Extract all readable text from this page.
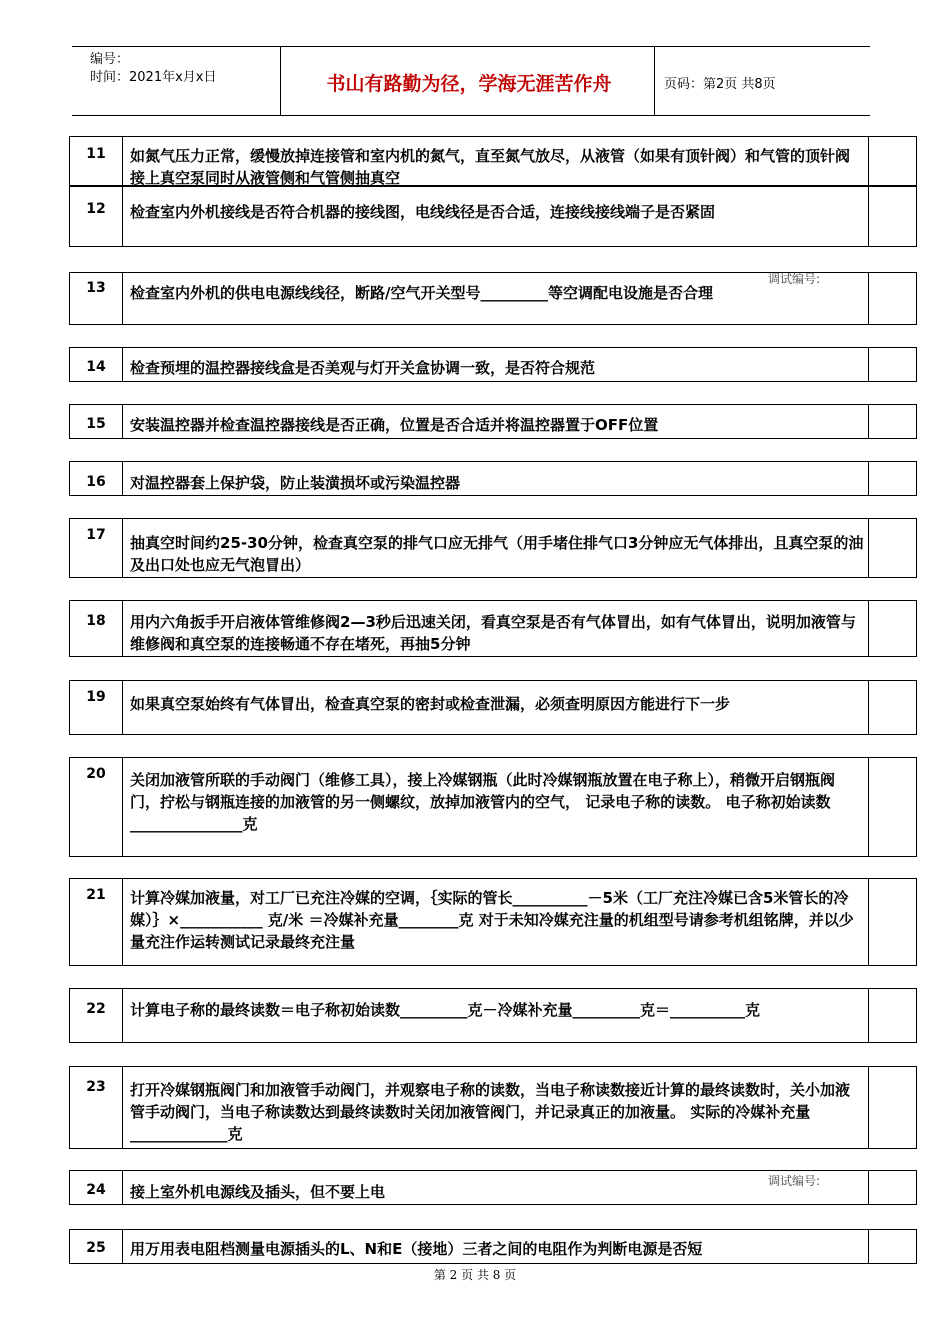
编号：
时间：2021年x月x日	书山有路勤为径，学海无涯苦作舟	页码：第2页 共8页
11	如氮气压力正常，缓慢放掉连接管和室内机的氮气，直至氮气放尽，从液管（如果有顶针阀）和气管的顶针阀接上真空泵同时从液管侧和气管侧抽真空
12	检查室内外机接线是否符合机器的接线图，电线线径是否合适，连接线接线端子是否紧固
13	检查室内外机的供电电源线线径，断路/空气开关型号_________等空调配电设施是否合理
调试编号:
14	检查预埋的温控器接线盒是否美观与灯开关盒协调一致，是否符合规范
15	安装温控器并检查温控器接线是否正确，位置是否合适并将温控器置于OFF位置
16	对温控器套上保护袋，防止装潢损坏或污染温控器
17	抽真空时间约25-30分钟，检查真空泵的排气口应无排气（用手堵住排气口3分钟应无气体排出，且真空泵的油及出口处也应无气泡冒出）
18	用内六角扳手开启液体管维修阀2—3秒后迅速关闭，看真空泵是否有气体冒出，如有气体冒出，说明加液管与维修阀和真空泵的连接畅通不存在堵死，再抽5分钟
19	如果真空泵始终有气体冒出，检查真空泵的密封或检查泄漏，必须查明原因方能进行下一步
20	关闭加液管所联的手动阀门（维修工具），接上冷媒钢瓶（此时冷媒钢瓶放置在电子称上），稍微开启钢瓶阀门，拧松与钢瓶连接的加液管的另一侧螺纹，放掉加液管内的空气， 记录电子称的读数。 电子称初始读数_______________克
21	计算冷媒加液量，对工厂已充注冷媒的空调，｛实际的管长__________－5米（工厂充注冷媒已含5米管长的冷媒）｝×___________ 克/米 ＝冷媒补充量________克 对于未知冷媒充注量的机组型号请参考机组铭牌，并以少量充注作运转测试记录最终充注量
22	计算电子称的最终读数＝电子称初始读数_________克－冷媒补充量_________克＝__________克
23	打开冷媒钢瓶阀门和加液管手动阀门，并观察电子称的读数，当电子称读数接近计算的最终读数时，关小加液管手动阀门，当电子称读数达到最终读数时关闭加液管阀门，并记录真正的加液量。 实际的冷媒补充量 _____________克
24	接上室外机电源线及插头，但不要上电
调试编号:
25	用万用表电阻档测量电源插头的L、N和E（接地）三者之间的电阻作为判断电源是否短
第 2 页 共 8 页
